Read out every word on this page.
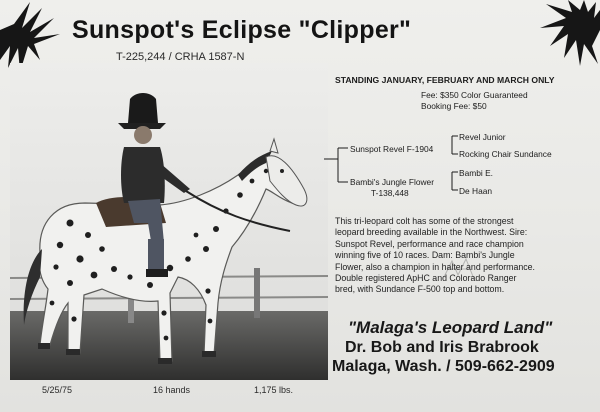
Sunspot's Eclipse "Clipper"
T-225,244 / CRHA 1587-N
5/25/75	16 hands	1,175 lbs.
STANDING JANUARY, FEBRUARY AND MARCH ONLY
Fee: $350 Color Guaranteed
Booking Fee: $50
Sunspot Revel F-1904
Revel Junior
Rocking Chair Sundance
Bambi's Jungle Flower
T-138,448
Bambi E.
De Haan
This tri-leopard colt has some of the strongest
leopard breeding available in the Northwest. Sire:
Sunspot Revel, performance and race champion
winning five of 10 races. Dam: Bambi's Jungle
Flower, also a champion in halter and performance.
Double registered ApHC and Colorado Ranger
bred, with Sundance F-500 top and bottom.
"Malaga's Leopard Land"
Dr. Bob and Iris Brabrook
Malaga, Wash. / 509-662-2909
